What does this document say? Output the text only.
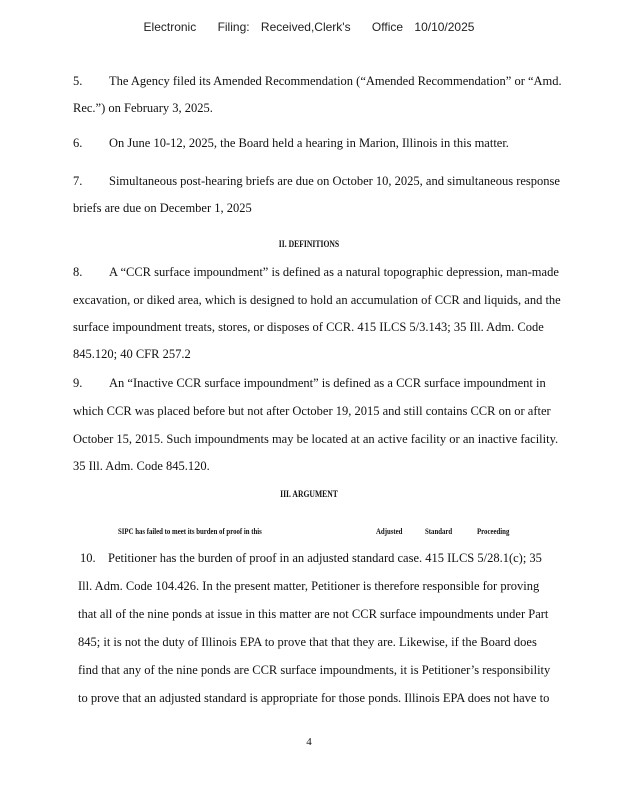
Electronic Filing: Received,Clerk's Office 10/10/2025
5. The Agency filed its Amended Recommendation (“Amended Recommendation” or “Amd.
Rec.”) on February 3, 2025.
6. On June 10-12, 2025, the Board held a hearing in Marion, Illinois in this matter.
7. Simultaneous post-hearing briefs are due on October 10, 2025, and simultaneous response
briefs are due on December 1, 2025
II. DEFINITIONS
8. A “CCR surface impoundment” is defined as a natural topographic depression, man-made
excavation, or diked area, which is designed to hold an accumulation of CCR and liquids, and the
surface impoundment treats, stores, or disposes of CCR. 415 ILCS 5/3.143; 35 Ill. Adm. Code
845.120; 40 CFR 257.2
9. An “Inactive CCR surface impoundment” is defined as a CCR surface impoundment in
which CCR was placed before but not after October 19, 2015 and still contains CCR on or after
October 15, 2015. Such impoundments may be located at an active facility or an inactive facility.
35 Ill. Adm. Code 845.120.
III. ARGUMENT
SIPC has failed to meet its burden of proof in this	Adjusted	Standard	Proceeding
10. Petitioner has the burden of proof in an adjusted standard case. 415 ILCS 5/28.1(c); 35
Ill. Adm. Code 104.426. In the present matter, Petitioner is therefore responsible for proving
that all of the nine ponds at issue in this matter are not CCR surface impoundments under Part
845; it is not the duty of Illinois EPA to prove that that they are. Likewise, if the Board does
find that any of the nine ponds are CCR surface impoundments, it is Petitioner’s responsibility
to prove that an adjusted standard is appropriate for those ponds. Illinois EPA does not have to
4
